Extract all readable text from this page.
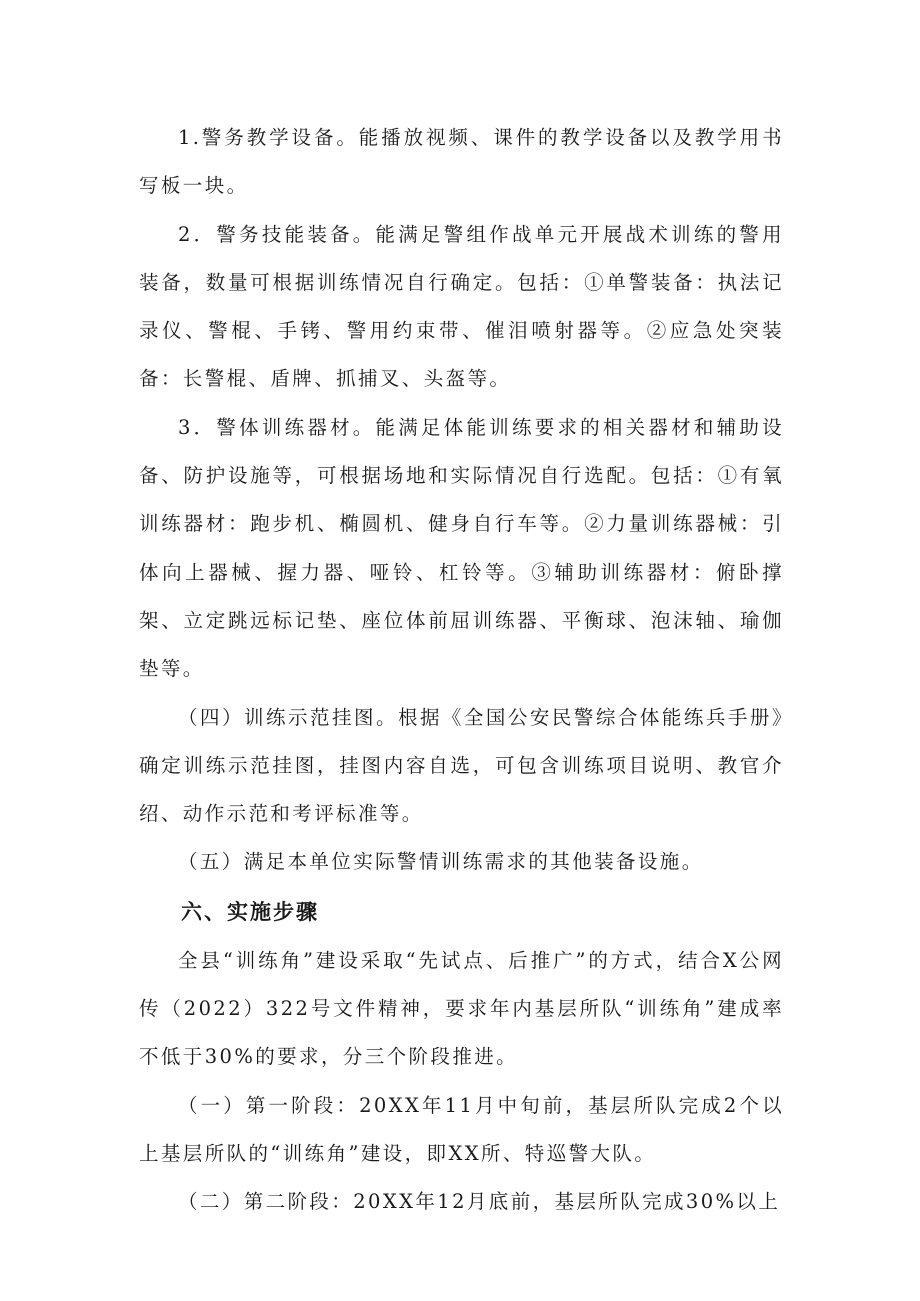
1.警务教学设备。能播放视频、课件的教学设备以及教学用书写板一块。

2．警务技能装备。能满足警组作战单元开展战术训练的警用装备，数量可根据训练情况自行确定。包括：①单警装备：执法记录仪、警棍、手铐、警用约束带、催泪喷射器等。②应急处突装备：长警棍、盾牌、抓捕叉、头盔等。

3．警体训练器材。能满足体能训练要求的相关器材和辅助设备、防护设施等，可根据场地和实际情况自行选配。包括：①有氧训练器材：跑步机、椭圆机、健身自行车等。②力量训练器械：引体向上器械、握力器、哑铃、杠铃等。③辅助训练器材：俯卧撑架、立定跳远标记垫、座位体前屈训练器、平衡球、泡沫轴、瑜伽垫等。

（四）训练示范挂图。根据《全国公安民警综合体能练兵手册》确定训练示范挂图，挂图内容自选，可包含训练项目说明、教官介绍、动作示范和考评标准等。

（五）满足本单位实际警情训练需求的其他装备设施。

六、实施步骤

全县“训练角”建设采取“先试点、后推广”的方式，结合X公网传（2022）322号文件精神，要求年内基层所队“训练角”建成率不低于30%的要求，分三个阶段推进。

（一）第一阶段：20XX年11月中旬前，基层所队完成2个以上基层所队的“训练角”建设，即XX所、特巡警大队。

（二）第二阶段：20XX年12月底前，基层所队完成30%以上
